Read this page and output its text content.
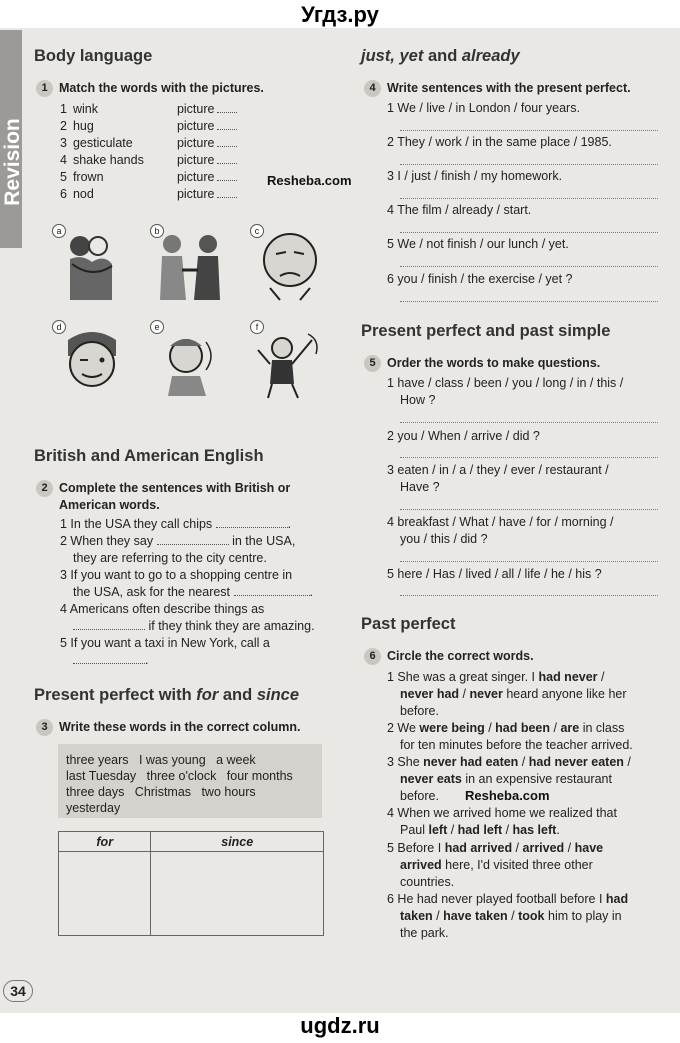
Угдз.ру
Revision
Body language
1 Match the words with the pictures.
1 wink	picture
2 hug	picture
3 gesticulate	picture
4 shake hands	picture
5 frown	picture
6 nod	picture
Resheba.com
a	b	c
d	e	f
British and American English
2 Complete the sentences with British or
American words.
1 In the USA they call chips	.
2 When they say	in the USA,
they are referring to the city centre.
3 If you want to go to a shopping centre in
the USA, ask for the nearest	.
4 Americans often describe things as
if they think they are amazing.
5 If you want a taxi in New York, call a
.
Present perfect with for and since
3 Write these words in the correct column.
three years   I was young   a week
last Tuesday   three o'clock   four months
three days   Christmas   two hours
yesterday
for	since

34
just, yet and already
4 Write sentences with the present perfect.
1 We / live / in London / four years.
2 They / work / in the same place / 1985.
3 I / just / finish / my homework.
4 The film / already / start.
5 We / not finish / our lunch / yet.
6 you / finish / the exercise / yet ?
Present perfect and past simple
5 Order the words to make questions.
1 have / class / been / you / long / in / this /
How ?
2 you / When / arrive / did ?
3 eaten / in / a / they / ever / restaurant /
Have ?
4 breakfast / What / have / for / morning /
you / this / did ?
5 here / Has / lived / all / life / he / his ?
Past perfect
6 Circle the correct words.
1 She was a great singer. I had never /
never had / never heard anyone like her
before.
2 We were being / had been / are in class
for ten minutes before the teacher arrived.
3 She never had eaten / had never eaten /
never eats in an expensive restaurant
before. Resheba.com
4 When we arrived home we realized that
Paul left / had left / has left.
5 Before I had arrived / arrived / have
arrived here, I'd visited three other
countries.
6 He had never played football before I had
taken / have taken / took him to play in
the park.
ugdz.ru
